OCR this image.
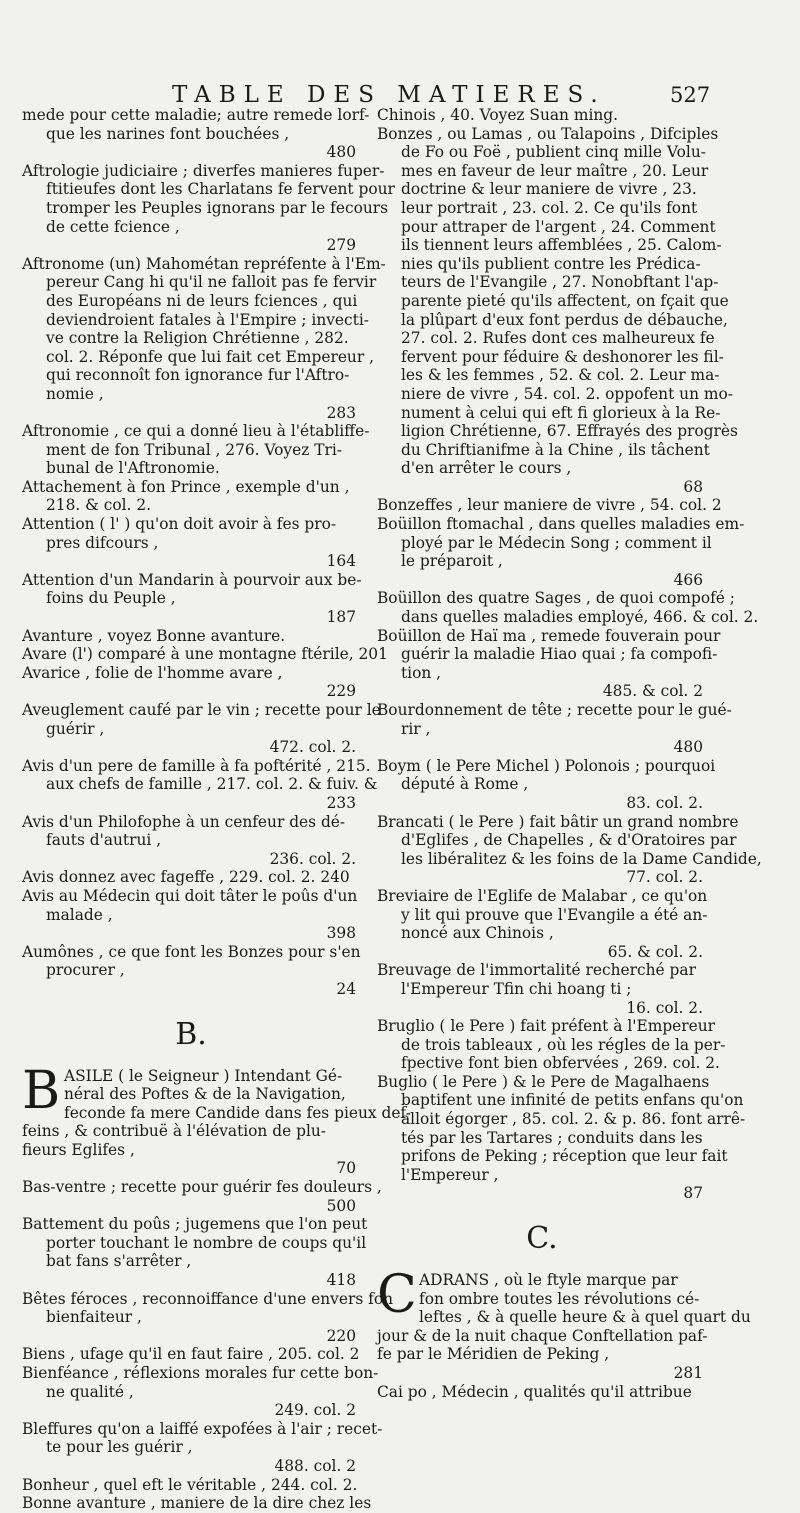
TABLE DES MATIERES.	527
mede pour cette maladie; autre remede lorf-
que les narines font bouchées ,
480
Aftrologie judiciaire ; diverfes manieres fuper-
ftitieufes dont les Charlatans fe fervent pour
tromper les Peuples ignorans par le fecours
de cette fcience ,
279
Aftronome (un) Mahométan repréfente à l'Em-
pereur Cang hi qu'il ne falloit pas fe fervir
des Européans ni de leurs fciences , qui
deviendroient fatales à l'Empire ; invecti-
ve contre la Religion Chrétienne , 282.
col. 2. Réponfe que lui fait cet Empereur ,
qui reconnoît fon ignorance fur l'Aftro-
nomie ,
283
Aftronomie , ce qui a donné lieu à l'établiffe-
ment de fon Tribunal , 276. Voyez Tri-
bunal de l'Aftronomie.
Attachement à fon Prince , exemple d'un ,
218. & col. 2.
Attention ( l' ) qu'on doit avoir à fes pro-
pres difcours ,
164
Attention d'un Mandarin à pourvoir aux be-
foins du Peuple ,
187
Avanture , voyez Bonne avanture.
Avare (l') comparé à une montagne ftérile, 201
Avarice , folie de l'homme avare ,
229
Aveuglement caufé par le vin ; recette pour le
guérir ,
472. col. 2.
Avis d'un pere de famille à fa poftérité , 215.
aux chefs de famille , 217. col. 2. & fuiv. &
233
Avis d'un Philofophe à un cenfeur des dé-
fauts d'autrui ,
236. col. 2.
Avis donnez avec fageffe , 229. col. 2. 240
Avis au Médecin qui doit tâter le poûs d'un
malade ,
398
Aumônes , ce que font les Bonzes pour s'en
procurer ,
24
B.
B ASILE ( le Seigneur ) Intendant Gé-
néral des Poftes & de la Navigation,
feconde fa mere Candide dans fes pieux def-
feins , & contribuë à l'élévation de plu-
fieurs Eglifes ,
70
Bas-ventre ; recette pour guérir fes douleurs ,
500
Battement du poûs ; jugemens que l'on peut
porter touchant le nombre de coups qu'il
bat fans s'arrêter ,
418
Bêtes féroces , reconnoiffance d'une envers fon
bienfaiteur ,
220
Biens , ufage qu'il en faut faire , 205. col. 2
Bienféance , réflexions morales fur cette bon-
ne qualité ,
249. col. 2
Bleffures qu'on a laiffé expofées à l'air ; recet-
te pour les guérir ,
488. col. 2
Bonheur , quel eft le véritable , 244. col. 2.
Bonne avanture , maniere de la dire chez les
Chinois , 40. Voyez Suan ming.
Bonzes , ou Lamas , ou Talapoins , Difciples
de Fo ou Foë , publient cinq mille Volu-
mes en faveur de leur maître , 20. Leur
doctrine & leur maniere de vivre , 23.
leur portrait , 23. col. 2. Ce qu'ils font
pour attraper de l'argent , 24. Comment
ils tiennent leurs affemblées , 25. Calom-
nies qu'ils publient contre les Prédica-
teurs de l'Evangile , 27. Nonobftant l'ap-
parente pieté qu'ils affectent, on fçait que
la plûpart d'eux font perdus de débauche,
27. col. 2. Rufes dont ces malheureux fe
fervent pour féduire & deshonorer les fil-
les & les femmes , 52. & col. 2. Leur ma-
niere de vivre , 54. col. 2. oppofent un mo-
nument à celui qui eft fi glorieux à la Re-
ligion Chrétienne, 67. Effrayés des progrès
du Chriftianifme à la Chine , ils tâchent
d'en arrêter le cours ,
68
Bonzeffes , leur maniere de vivre , 54. col. 2
Boüillon ftomachal , dans quelles maladies em-
ployé par le Médecin Song ; comment il
le préparoit ,
466
Boüillon des quatre Sages , de quoi compofé ;
dans quelles maladies employé, 466. & col. 2.
Boüillon de Haï ma , remede fouverain pour
guérir la maladie Hiao quai ; fa compofi-
tion ,
485. & col. 2
Bourdonnement de tête ; recette pour le gué-
rir ,
480
Boym ( le Pere Michel ) Polonois ; pourquoi
député à Rome ,
83. col. 2.
Brancati ( le Pere ) fait bâtir un grand nombre
d'Eglifes , de Chapelles , & d'Oratoires par
les libéralitez & les foins de la Dame Candide,
77. col. 2.
Breviaire de l'Eglife de Malabar , ce qu'on
y lit qui prouve que l'Evangile a été an-
noncé aux Chinois ,
65. & col. 2.
Breuvage de l'immortalité recherché par
l'Empereur Tfin chi hoang ti ;
16. col. 2.
Bruglio ( le Pere ) fait préfent à l'Empereur
de trois tableaux , où les régles de la per-
fpective font bien obfervées , 269. col. 2.
Buglio ( le Pere ) & le Pere de Magalhaens
baptifent une infinité de petits enfans qu'on
alloit égorger , 85. col. 2. & p. 86. font arrê-
tés par les Tartares ; conduits dans les
prifons de Peking ; réception que leur fait
l'Empereur ,
87
C.
C ADRANS , où le ftyle marque par
fon ombre toutes les révolutions cé-
leftes , & à quelle heure & à quel quart du
jour & de la nuit chaque Conftellation paf-
fe par le Méridien de Peking ,
281
Cai po , Médecin , qualités qu'il attribue
